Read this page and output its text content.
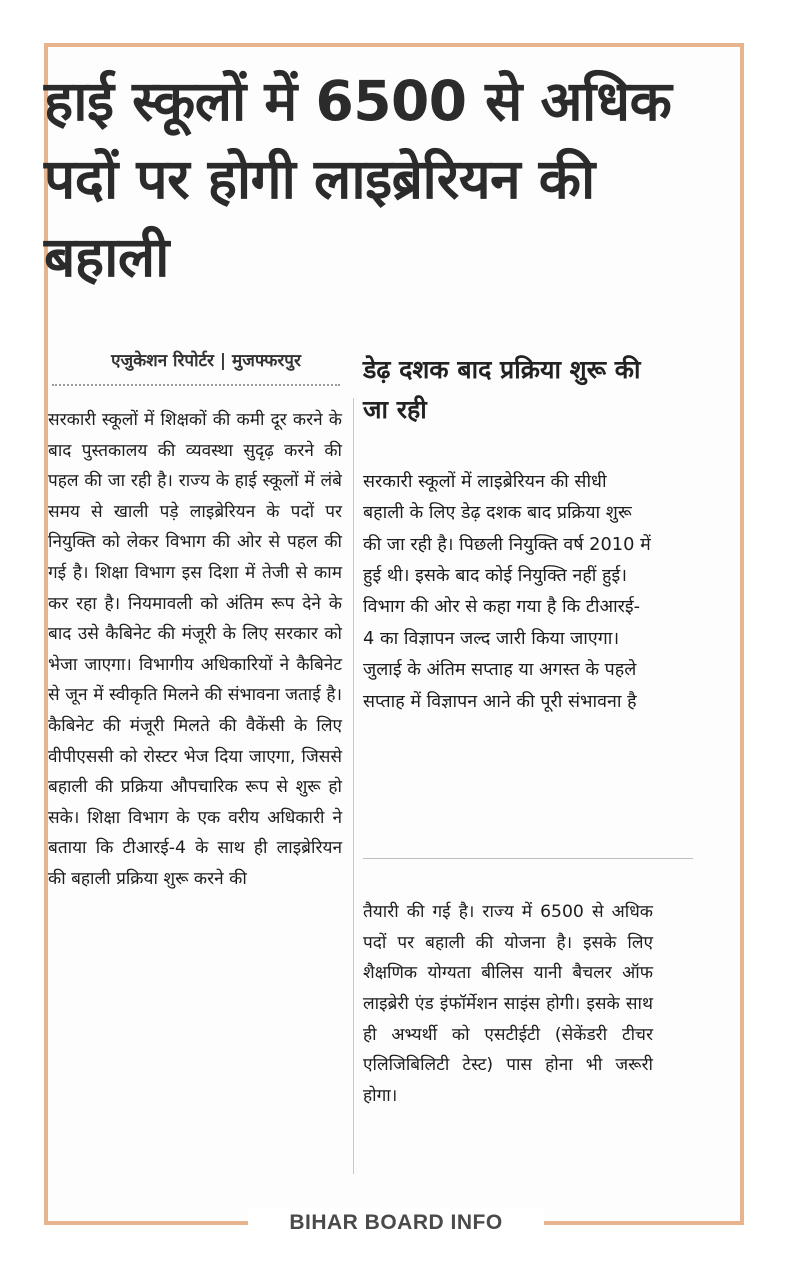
हाई स्कूलों में 6500 से अधिक पदों पर होगी लाइब्रेरियन की बहाली
एजुकेशन रिपोर्टर | मुजफ्फरपुर

सरकारी स्कूलों में शिक्षकों की कमी दूर करने के बाद पुस्तकालय की व्यवस्था सुदृढ़ करने की पहल की जा रही है। राज्य के हाई स्कूलों में लंबे समय से खाली पड़े लाइब्रेरियन के पदों पर नियुक्ति को लेकर विभाग की ओर से पहल की गई है। शिक्षा विभाग इस दिशा में तेजी से काम कर रहा है। नियमावली को अंतिम रूप देने के बाद उसे कैबिनेट की मंजूरी के लिए सरकार को भेजा जाएगा। विभागीय अधिकारियों ने कैबिनेट से जून में स्वीकृति मिलने की संभावना जताई है। कैबिनेट की मंजूरी मिलते की वैकेंसी के लिए वीपीएससी को रोस्टर भेज दिया जाएगा, जिससे बहाली की प्रक्रिया औपचारिक रूप से शुरू हो सके। शिक्षा विभाग के एक वरीय अधिकारी ने बताया कि टीआरई-4 के साथ ही लाइब्रेरियन की बहाली प्रक्रिया शुरू करने की

डेढ़ दशक बाद प्रक्रिया शुरू की जा रही

सरकारी स्कूलों में लाइब्रेरियन की सीधी बहाली के लिए डेढ़ दशक बाद प्रक्रिया शुरू की जा रही है। पिछली नियुक्ति वर्ष 2010 में हुई थी। इसके बाद कोई नियुक्ति नहीं हुई। विभाग की ओर से कहा गया है कि टीआरई- 4 का विज्ञापन जल्द जारी किया जाएगा। जुलाई के अंतिम सप्ताह या अगस्त के पहले सप्ताह में विज्ञापन आने की पूरी संभावना है

तैयारी की गई है। राज्य में 6500 से अधिक पदों पर बहाली की योजना है। इसके लिए शैक्षणिक योग्यता बीलिस यानी बैचलर ऑफ लाइब्रेरी एंड इंफॉर्मेशन साइंस होगी। इसके साथ ही अभ्यर्थी को एसटीईटी (सेकेंडरी टीचर एलिजिबिलिटी टेस्ट) पास होना भी जरूरी होगा।

BIHAR BOARD INFO
